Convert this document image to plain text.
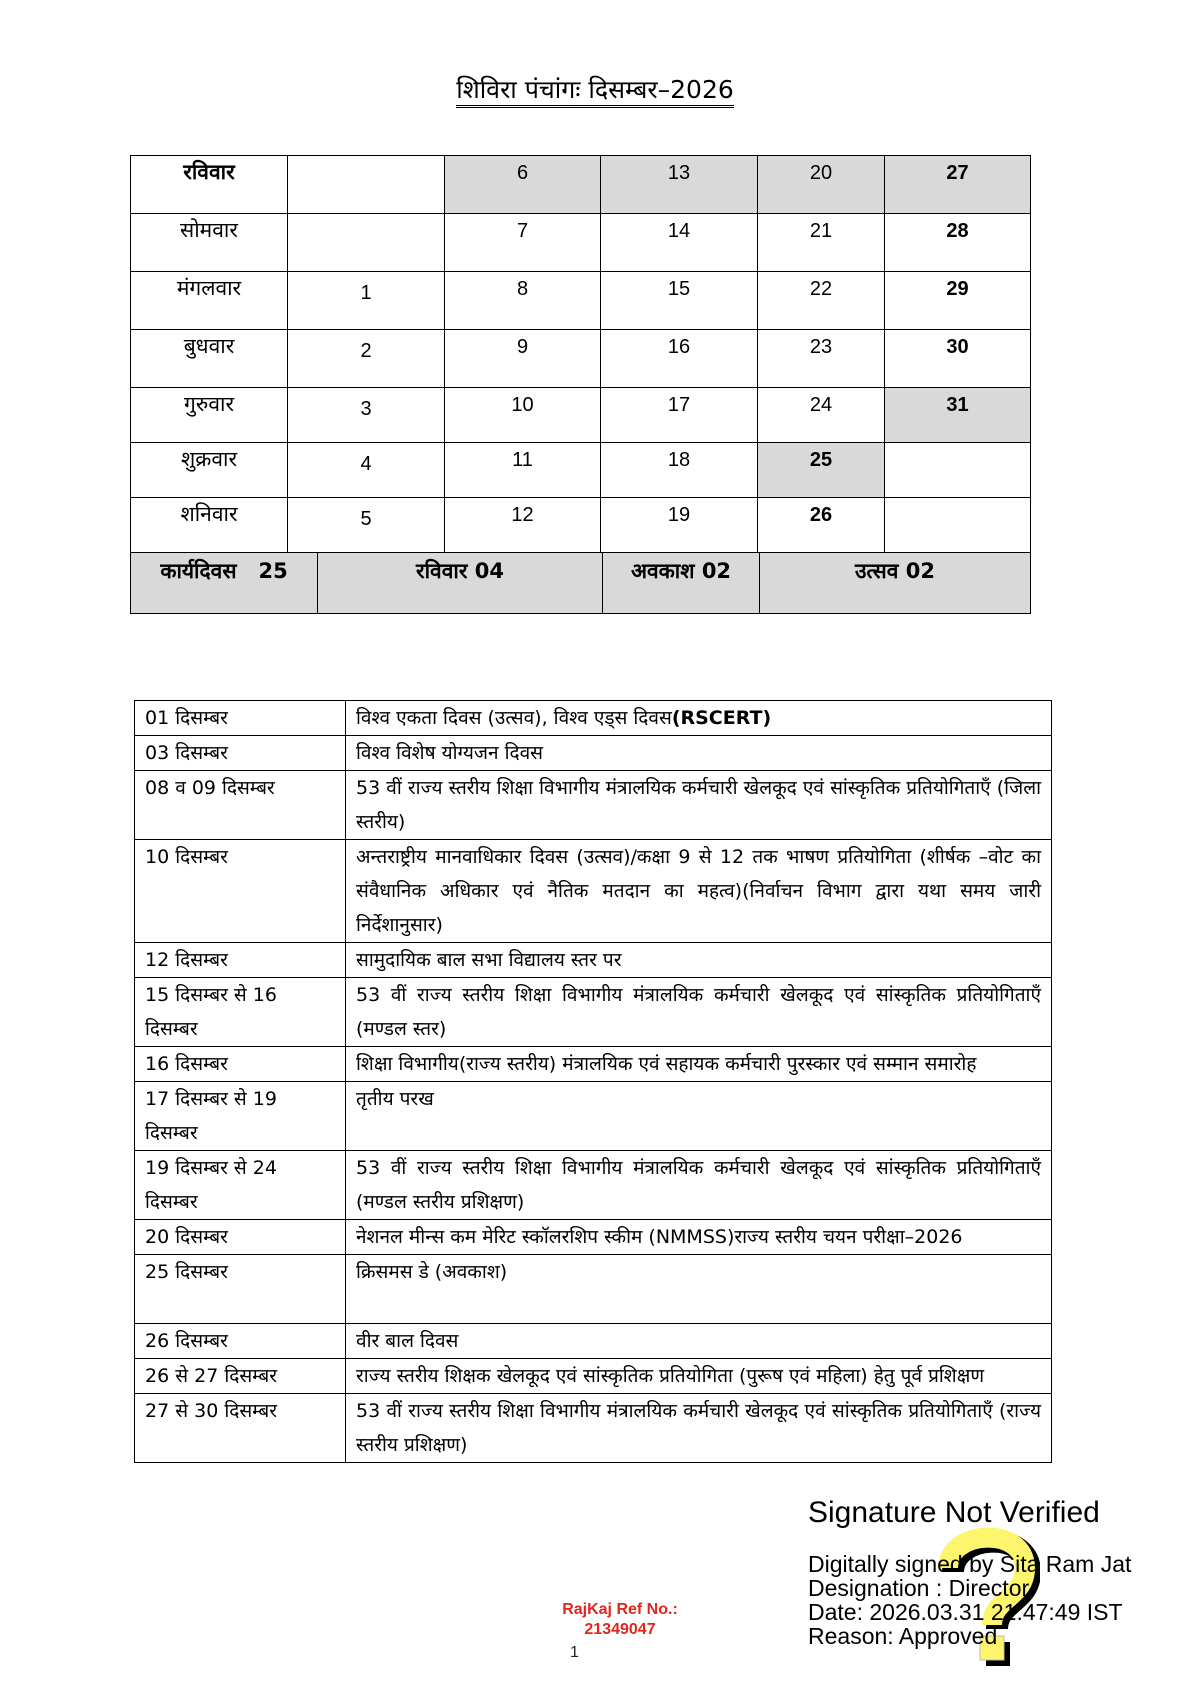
शिविरा पंचांगः दिसम्बर–2026
रविवार		6	13	20	27
सोमवार		7	14	21	28
मंगलवार	1	8	15	22	29
बुधवार	2	9	16	23	30
गुरुवार	3	10	17	24	31
शुक्रवार	4	11	18	25	
शनिवार	5	12	19	26	

कार्यदिवस   25 रविवार 04 अवकाश 02 उत्सव 02					
01 दिसम्बर	विश्व एकता दिवस (उत्सव), विश्व एड्स दिवस(RSCERT)
03 दिसम्बर	विश्व विशेष योग्यजन दिवस
08 व 09 दिसम्बर	53 वीं राज्य स्तरीय शिक्षा विभागीय मंत्रालयिक कर्मचारी खेलकूद एवं सांस्कृतिक प्रतियोगिताएँ (जिला स्तरीय)
10 दिसम्बर	अन्तराष्ट्रीय मानवाधिकार दिवस (उत्सव)/कक्षा 9 से 12 तक भाषण प्रतियोगिता (शीर्षक –वोट का संवैधानिक अधिकार एवं नैतिक मतदान का महत्व)(निर्वाचन विभाग द्वारा यथा समय जारी निर्देशानुसार)
12 दिसम्बर	सामुदायिक बाल सभा विद्यालय स्तर पर
15 दिसम्बर से 16 दिसम्बर	53 वीं राज्य स्तरीय शिक्षा विभागीय मंत्रालयिक कर्मचारी खेलकूद एवं सांस्कृतिक प्रतियोगिताएँ (मण्डल स्तर)
16 दिसम्बर	शिक्षा विभागीय(राज्य स्तरीय) मंत्रालयिक एवं सहायक कर्मचारी पुरस्कार एवं सम्मान समारोह
17 दिसम्बर से 19 दिसम्बर	तृतीय परख
19 दिसम्बर से 24 दिसम्बर	53 वीं राज्य स्तरीय शिक्षा विभागीय मंत्रालयिक कर्मचारी खेलकूद एवं सांस्कृतिक प्रतियोगिताएँ (मण्डल स्तरीय प्रशिक्षण)
20 दिसम्बर	नेशनल मीन्स कम मेरिट स्कॉलरशिप स्कीम (NMMSS)राज्य स्तरीय चयन परीक्षा–2026
25 दिसम्बर	क्रिसमस डे (अवकाश)
26 दिसम्बर	वीर बाल दिवस
26 से 27 दिसम्बर	राज्य स्तरीय शिक्षक खेलकूद एवं सांस्कृतिक प्रतियोगिता (पुरूष एवं महिला) हेतु पूर्व प्रशिक्षण
27 से 30 दिसम्बर	53 वीं राज्य स्तरीय शिक्षा विभागीय मंत्रालयिक कर्मचारी खेलकूद एवं सांस्कृतिक प्रतियोगिताएँ (राज्य स्तरीय प्रशिक्षण)
Signature Not Verified
Digitally signed by Sita Ram Jat
Designation : Director
Date: 2026.03.31 21:47:49 IST
Reason: Approved
RajKaj Ref No.:
21349047
1
